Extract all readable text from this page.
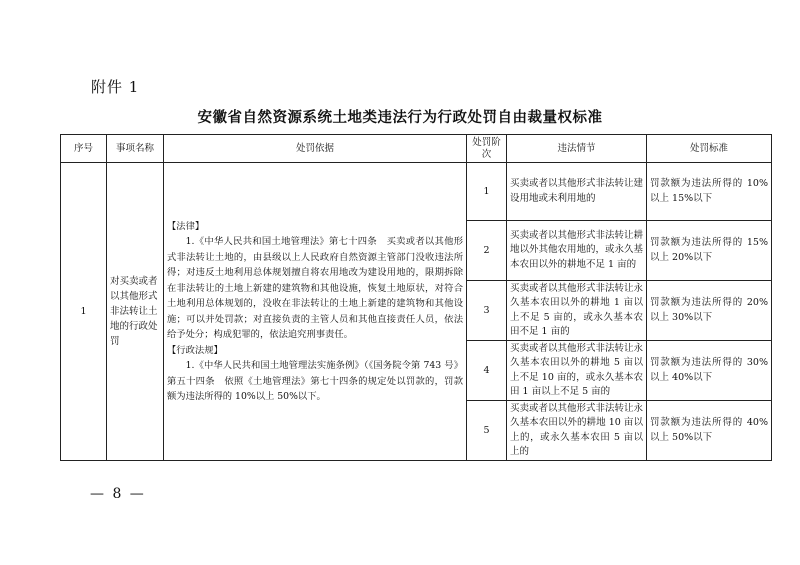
附件 1
安徽省自然资源系统土地类违法行为行政处罚自由裁量权标准
序号	事项名称	处罚依据	处罚阶次	违法情节	处罚标准
1	对买卖或者以其他形式非法转让土地的行政处罚	【法律】

1.《中华人民共和国土地管理法》第七十四条　买卖或者以其他形式非法转让土地的，由县级以上人民政府自然资源主管部门没收违法所得；对违反土地利用总体规划擅自将农用地改为建设用地的，限期拆除在非法转让的土地上新建的建筑物和其他设施，恢复土地原状，对符合土地利用总体规划的，没收在非法转让的土地上新建的建筑物和其他设施；可以并处罚款；对直接负责的主管人员和其他直接责任人员，依法给予处分；构成犯罪的，依法追究刑事责任。

【行政法规】

1.《中华人民共和国土地管理法实施条例》（《国务院令第 743 号》第五十四条　依照《土地管理法》第七十四条的规定处以罚款的，罚款额为违法所得的 10%以上 50%以下。	1	买卖或者以其他形式非法转让建设用地或未利用地的	罚款额为违法所得的 10%以上 15%以下
			2	买卖或者以其他形式非法转让耕地以外其他农用地的，或永久基本农田以外的耕地不足 1 亩的	罚款额为违法所得的 15%以上 20%以下
			3	买卖或者以其他形式非法转让永久基本农田以外的耕地 1 亩以上不足 5 亩的，或永久基本农田不足 1 亩的	罚款额为违法所得的 20%以上 30%以下
			4	买卖或者以其他形式非法转让永久基本农田以外的耕地 5 亩以上不足 10 亩的，或永久基本农田 1 亩以上不足 5 亩的	罚款额为违法所得的 30%以上 40%以下
			5	买卖或者以其他形式非法转让永久基本农田以外的耕地 10 亩以上的，或永久基本农田 5 亩以上的	罚款额为违法所得的 40%以上 50%以下
— 8 —
